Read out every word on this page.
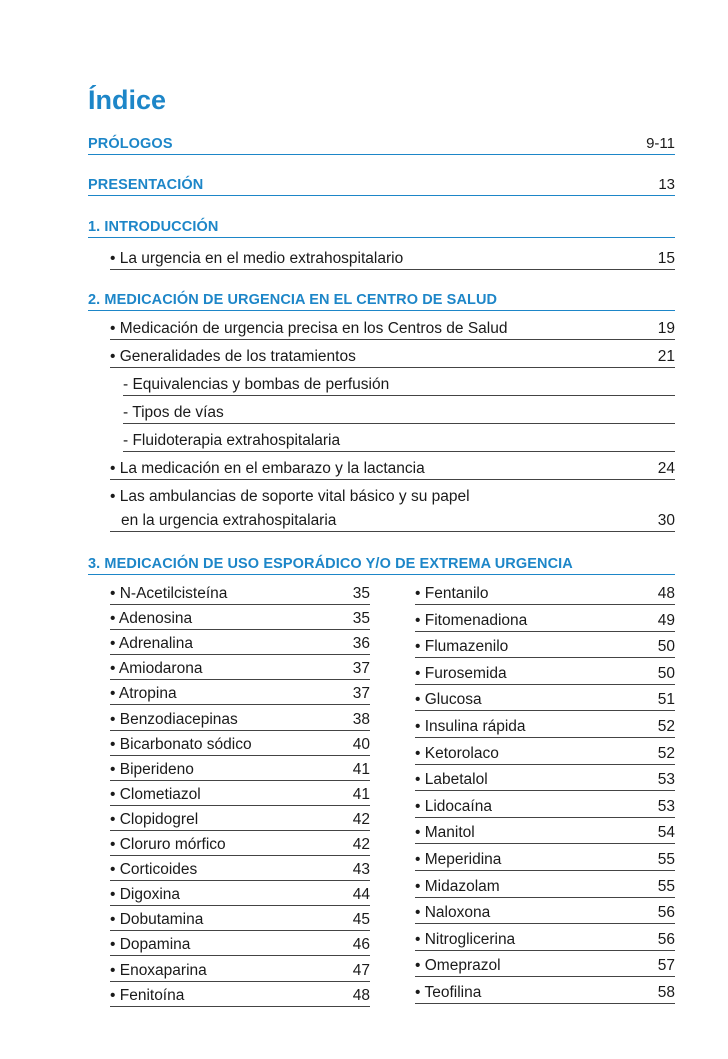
Índice
PRÓLOGOS	9-11
PRESENTACIÓN	13
1. INTRODUCCIÓN
• La urgencia en el medio extrahospitalario	15
2. MEDICACIÓN DE URGENCIA EN EL CENTRO DE SALUD
• Medicación de urgencia precisa en los Centros de Salud	19
• Generalidades de los tratamientos	21
- Equivalencias y bombas de perfusión
- Tipos de vías
- Fluidoterapia extrahospitalaria
• La medicación en el embarazo y la lactancia	24
• Las ambulancias de soporte vital básico y su papel
en la urgencia extrahospitalaria	30
3. MEDICACIÓN DE USO ESPORÁDICO Y/O DE EXTREMA URGENCIA
• N-Acetilcisteína	35
• Adenosina	35
• Adrenalina	36
• Amiodarona	37
• Atropina	37
• Benzodiacepinas	38
• Bicarbonato sódico	40
• Biperideno	41
• Clometiazol	41
• Clopidogrel	42
• Cloruro mórfico	42
• Corticoides	43
• Digoxina	44
• Dobutamina	45
• Dopamina	46
• Enoxaparina	47
• Fenitoína	48
• Fentanilo	48
• Fitomenadiona	49
• Flumazenilo	50
• Furosemida	50
• Glucosa	51
• Insulina rápida	52
• Ketorolaco	52
• Labetalol	53
• Lidocaína	53
• Manitol	54
• Meperidina	55
• Midazolam	55
• Naloxona	56
• Nitroglicerina	56
• Omeprazol	57
• Teofilina	58
